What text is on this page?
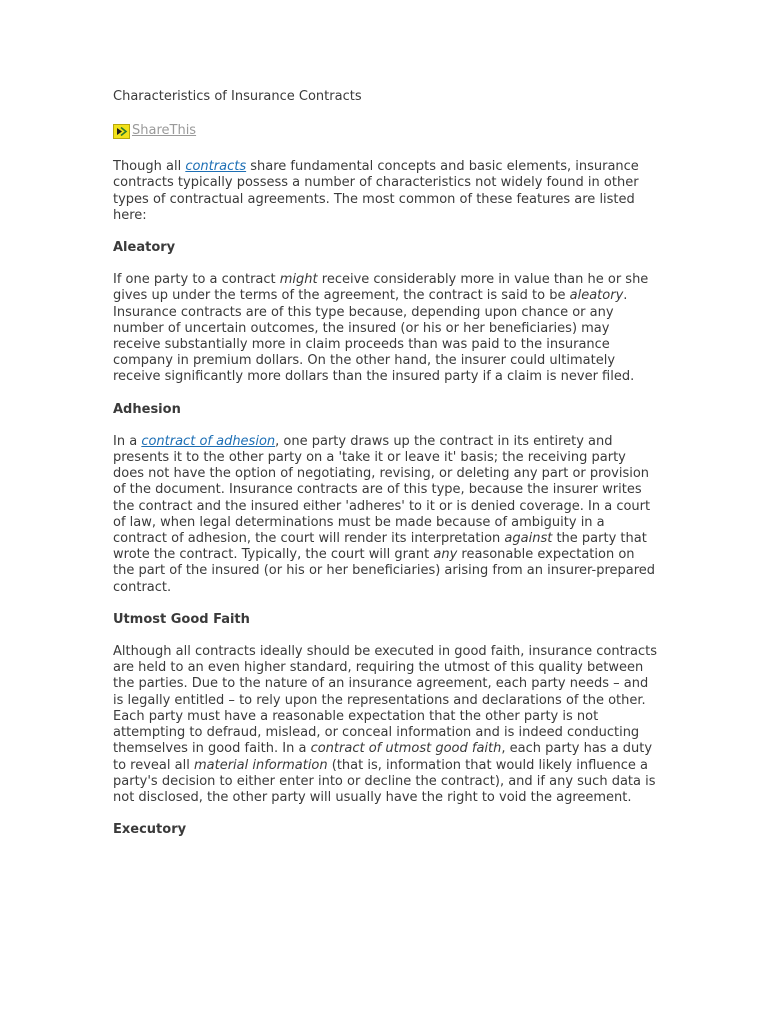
Characteristics of Insurance Contracts
ShareThis

Though all contracts share fundamental concepts and basic elements, insurance contracts typically possess a number of characteristics not widely found in other types of contractual agreements. The most common of these features are listed here:

Aleatory

If one party to a contract might receive considerably more in value than he or she gives up under the terms of the agreement, the contract is said to be aleatory. Insurance contracts are of this type because, depending upon chance or any number of uncertain outcomes, the insured (or his or her beneficiaries) may receive substantially more in claim proceeds than was paid to the insurance company in premium dollars. On the other hand, the insurer could ultimately receive significantly more dollars than the insured party if a claim is never filed.

Adhesion

In a contract of adhesion, one party draws up the contract in its entirety and presents it to the other party on a 'take it or leave it' basis; the receiving party does not have the option of negotiating, revising, or deleting any part or provision of the document. Insurance contracts are of this type, because the insurer writes the contract and the insured either 'adheres' to it or is denied coverage. In a court of law, when legal determinations must be made because of ambiguity in a contract of adhesion, the court will render its interpretation against the party that wrote the contract. Typically, the court will grant any reasonable expectation on the part of the insured (or his or her beneficiaries) arising from an insurer-prepared contract.

Utmost Good Faith

Although all contracts ideally should be executed in good faith, insurance contracts are held to an even higher standard, requiring the utmost of this quality between the parties. Due to the nature of an insurance agreement, each party needs – and is legally entitled – to rely upon the representations and declarations of the other. Each party must have a reasonable expectation that the other party is not attempting to defraud, mislead, or conceal information and is indeed conducting themselves in good faith. In a contract of utmost good faith, each party has a duty to reveal all material information (that is, information that would likely influence a party's decision to either enter into or decline the contract), and if any such data is not disclosed, the other party will usually have the right to void the agreement.

Executory
